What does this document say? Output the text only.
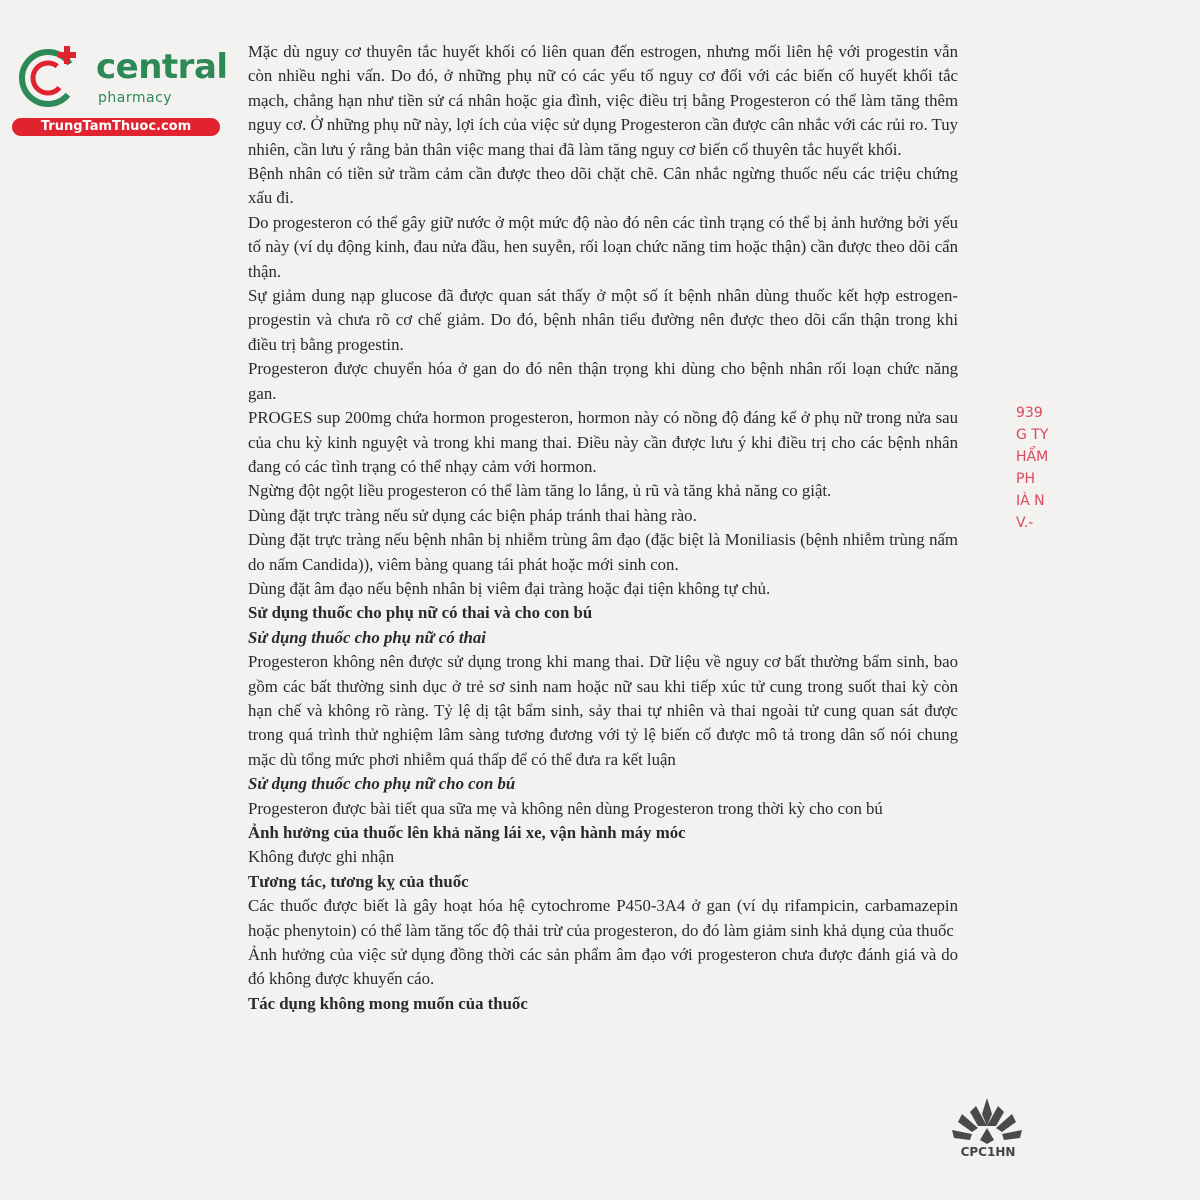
central
pharmacy
TrungTamThuoc.com

Mặc dù nguy cơ thuyên tắc huyết khối có liên quan đến estrogen, nhưng mối liên hệ với progestin vẫn còn nhiều nghi vấn. Do đó, ở những phụ nữ có các yếu tố nguy cơ đối với các biến cố huyết khối tắc mạch, chẳng hạn như tiền sử cá nhân hoặc gia đình, việc điều trị bằng Progesteron có thể làm tăng thêm nguy cơ. Ở những phụ nữ này, lợi ích của việc sử dụng Progesteron cần được cân nhắc với các rủi ro. Tuy nhiên, cần lưu ý rằng bản thân việc mang thai đã làm tăng nguy cơ biến cố thuyên tắc huyết khối.

Bệnh nhân có tiền sử trầm cảm cần được theo dõi chặt chẽ. Cân nhắc ngừng thuốc nếu các triệu chứng xấu đi.

Do progesteron có thể gây giữ nước ở một mức độ nào đó nên các tình trạng có thể bị ảnh hưởng bởi yếu tố này (ví dụ động kinh, đau nửa đầu, hen suyễn, rối loạn chức năng tim hoặc thận) cần được theo dõi cẩn thận.

Sự giảm dung nạp glucose đã được quan sát thấy ở một số ít bệnh nhân dùng thuốc kết hợp estrogen-progestin và chưa rõ cơ chế giảm. Do đó, bệnh nhân tiểu đường nên được theo dõi cẩn thận trong khi điều trị bằng progestin.

Progesteron được chuyển hóa ở gan do đó nên thận trọng khi dùng cho bệnh nhân rối loạn chức năng gan.

PROGES sup 200mg chứa hormon progesteron, hormon này có nồng độ đáng kể ở phụ nữ trong nửa sau của chu kỳ kinh nguyệt và trong khi mang thai. Điều này cần được lưu ý khi điều trị cho các bệnh nhân đang có các tình trạng có thể nhạy cảm với hormon.

Ngừng đột ngột liều progesteron có thể làm tăng lo lắng, ủ rũ và tăng khả năng co giật.

Dùng đặt trực tràng nếu sử dụng các biện pháp tránh thai hàng rào.

Dùng đặt trực tràng nếu bệnh nhân bị nhiễm trùng âm đạo (đặc biệt là Moniliasis (bệnh nhiễm trùng nấm do nấm Candida)), viêm bàng quang tái phát hoặc mới sinh con.

Dùng đặt âm đạo nếu bệnh nhân bị viêm đại tràng hoặc đại tiện không tự chủ.

Sử dụng thuốc cho phụ nữ có thai và cho con bú

Sử dụng thuốc cho phụ nữ có thai

Progesteron không nên được sử dụng trong khi mang thai. Dữ liệu về nguy cơ bất thường bẩm sinh, bao gồm các bất thường sinh dục ở trẻ sơ sinh nam hoặc nữ sau khi tiếp xúc tử cung trong suốt thai kỳ còn hạn chế và không rõ ràng. Tỷ lệ dị tật bẩm sinh, sảy thai tự nhiên và thai ngoài tử cung quan sát được trong quá trình thử nghiệm lâm sàng tương đương với tỷ lệ biến cố được mô tả trong dân số nói chung mặc dù tổng mức phơi nhiễm quá thấp để có thể đưa ra kết luận

Sử dụng thuốc cho phụ nữ cho con bú

Progesteron được bài tiết qua sữa mẹ và không nên dùng Progesteron trong thời kỳ cho con bú

Ảnh hưởng của thuốc lên khả năng lái xe, vận hành máy móc

Không được ghi nhận

Tương tác, tương kỵ của thuốc

Các thuốc được biết là gây hoạt hóa hệ cytochrome P450-3A4 ở gan (ví dụ rifampicin, carbamazepin hoặc phenytoin) có thể làm tăng tốc độ thải trừ của progesteron, do đó làm giảm sinh khả dụng của thuốc

Ảnh hưởng của việc sử dụng đồng thời các sản phẩm âm đạo với progesteron chưa được đánh giá và do đó không được khuyến cáo.

Tác dụng không mong muốn của thuốc

939
G TY
HẨM
PH
IÀ N
V.-
CPC1HN
